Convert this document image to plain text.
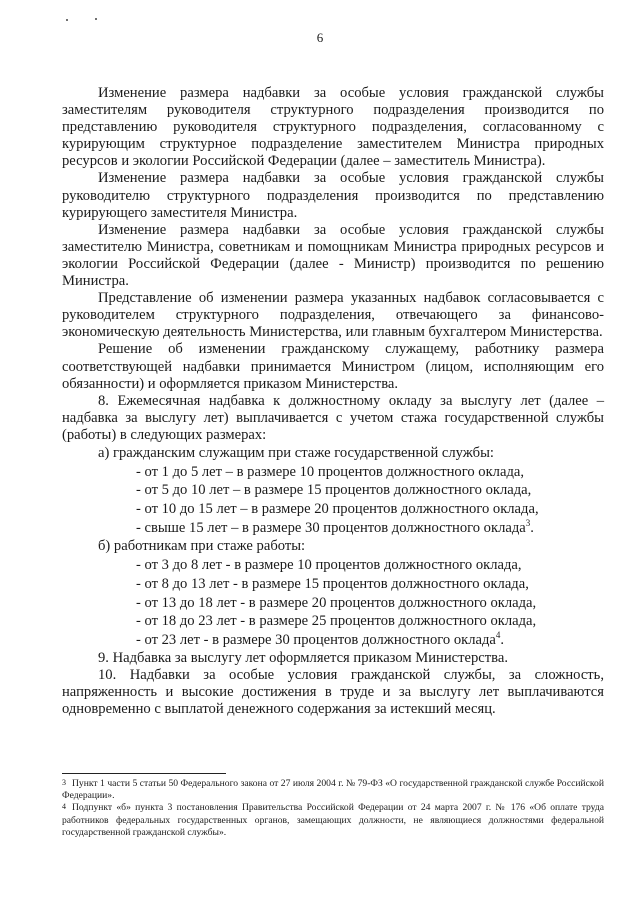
6

Изменение размера надбавки за особые условия гражданской службы заместителям руководителя структурного подразделения производится по представлению руководителя структурного подразделения, согласованному с курирующим структурное подразделение заместителем Министра природных ресурсов и экологии Российской Федерации (далее – заместитель Министра).

Изменение размера надбавки за особые условия гражданской службы руководителю структурного подразделения производится по представлению курирующего заместителя Министра.

Изменение размера надбавки за особые условия гражданской службы заместителю Министра, советникам и помощникам Министра природных ресурсов и экологии Российской Федерации (далее - Министр) производится по решению Министра.

Представление об изменении размера указанных надбавок согласовывается с руководителем структурного подразделения, отвечающего за финансово-экономическую деятельность Министерства, или главным бухгалтером Министерства.

Решение об изменении гражданскому служащему, работнику размера соответствующей надбавки принимается Министром (лицом, исполняющим его обязанности) и оформляется приказом Министерства.

8. Ежемесячная надбавка к должностному окладу за выслугу лет (далее – надбавка за выслугу лет) выплачивается с учетом стажа государственной службы (работы) в следующих размерах:

а) гражданским служащим при стаже государственной службы:

- от 1 до 5 лет – в размере 10 процентов должностного оклада,

- от 5 до 10 лет – в размере 15 процентов должностного оклада,

- от 10 до 15 лет – в размере 20 процентов должностного оклада,

- свыше 15 лет – в размере 30 процентов должностного оклада$^3$.

б) работникам при стаже работы:

- от 3 до 8 лет - в размере 10 процентов должностного оклада,

- от 8 до 13 лет - в размере 15 процентов должностного оклада,

- от 13 до 18 лет - в размере 20 процентов должностного оклада,

- от 18 до 23 лет - в размере 25 процентов должностного оклада,

- от 23 лет - в размере 30 процентов должностного оклада$^4$.

9. Надбавка за выслугу лет оформляется приказом Министерства.

10. Надбавки за особые условия гражданской службы, за сложность, напряженность и высокие достижения в труде и за выслугу лет выплачиваются одновременно с выплатой денежного содержания за истекший месяц.

3 Пункт 1 части 5 статьи 50 Федерального закона от 27 июля 2004 г. № 79-ФЗ «О государственной гражданской службе Российской Федерации».

4 Подпункт «б» пункта 3 постановления Правительства Российской Федерации от 24 марта 2007 г. № 176 «Об оплате труда работников федеральных государственных органов, замещающих должности, не являющиеся должностями федеральной государственной гражданской службы».
